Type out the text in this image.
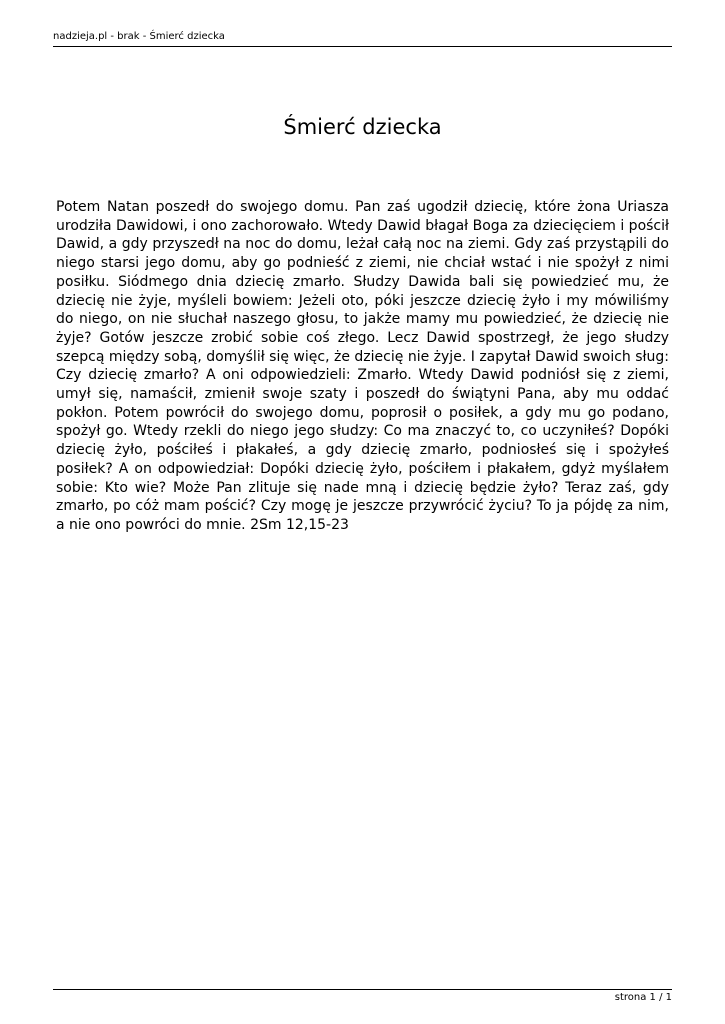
nadzieja.pl - brak - Śmierć dziecka
Śmierć dziecka

Potem Natan poszedł do swojego domu. Pan zaś ugodził dziecię, które żona Uriasza urodziła Dawidowi, i ono zachorowało. Wtedy Dawid błagał Boga za dziecięciem i pościł Dawid, a gdy przyszedł na noc do domu, leżał całą noc na ziemi. Gdy zaś przystąpili do niego starsi jego domu, aby go podnieść z ziemi, nie chciał wstać i nie spożył z nimi posiłku. Siódmego dnia dziecię zmarło. Słudzy Dawida bali się powiedzieć mu, że dziecię nie żyje, myśleli bowiem: Jeżeli oto, póki jeszcze dziecię żyło i my mówiliśmy do niego, on nie słuchał naszego głosu, to jakże mamy mu powiedzieć, że dziecię nie żyje? Gotów jeszcze zrobić sobie coś złego. Lecz Dawid spostrzegł, że jego słudzy szepcą między sobą, domyślił się więc, że dziecię nie żyje. I zapytał Dawid swoich sług: Czy dziecię zmarło? A oni odpowiedzieli: Zmarło. Wtedy Dawid podniósł się z ziemi, umył się, namaścił, zmienił swoje szaty i poszedł do świątyni Pana, aby mu oddać pokłon. Potem powrócił do swojego domu, poprosił o posiłek, a gdy mu go podano, spożył go. Wtedy rzekli do niego jego słudzy: Co ma znaczyć to, co uczyniłeś? Dopóki dziecię żyło, pościłeś i płakałeś, a gdy dziecię zmarło, podniosłeś się i spożyłeś posiłek? A on odpowiedział: Dopóki dziecię żyło, pościłem i płakałem, gdyż myślałem sobie: Kto wie? Może Pan zlituje się nade mną i dziecię będzie żyło? Teraz zaś, gdy zmarło, po cóż mam pościć? Czy mogę je jeszcze przywrócić życiu? To ja pójdę za nim, a nie ono powróci do mnie. 2Sm 12,15-23

strona 1 / 1
